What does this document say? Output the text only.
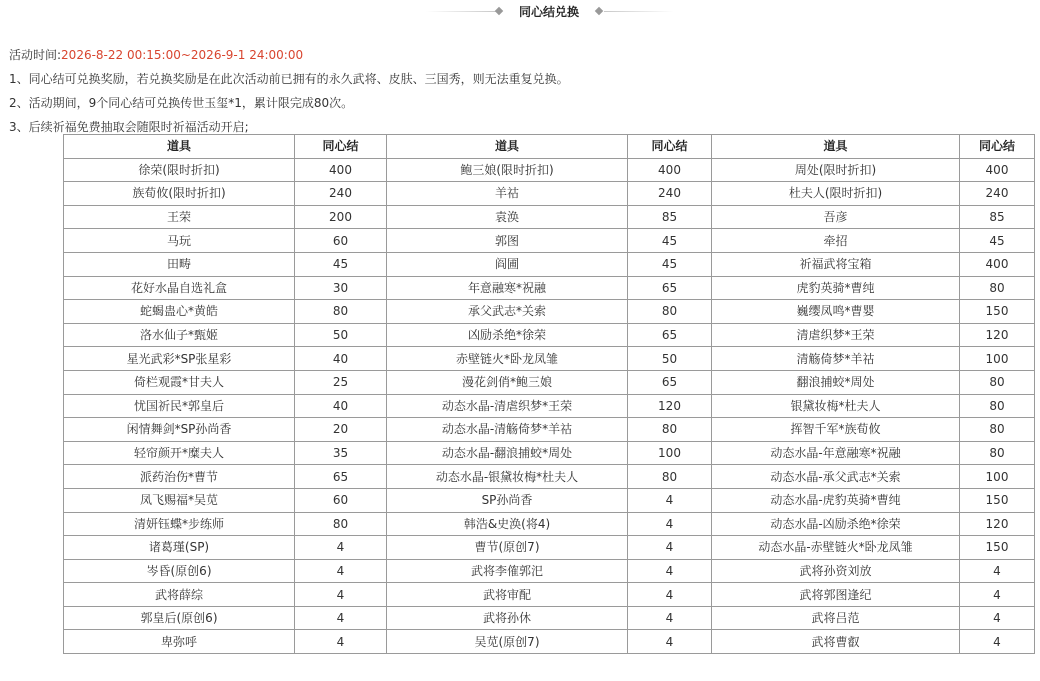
同心结兑换
活动时间:2026-8-22 00:15:00~2026-9-1 24:00:00
1、同心结可兑换奖励，若兑换奖励是在此次活动前已拥有的永久武将、皮肤、三国秀，则无法重复兑换。
2、活动期间，9个同心结可兑换传世玉玺*1，累计限完成80次。
3、后续祈福免费抽取会随限时祈福活动开启;
道具	同心结	道具	同心结	道具	同心结
徐荣(限时折扣)	400	鲍三娘(限时折扣)	400	周处(限时折扣)	400
族荀攸(限时折扣)	240	羊祜	240	杜夫人(限时折扣)	240
王荣	200	袁涣	85	吾彦	85
马玩	60	郭图	45	牵招	45
田畴	45	阎圃	45	祈福武将宝箱	400
花好水晶自选礼盒	30	年意融寒*祝融	65	虎豹英骑*曹纯	80
蛇蝎蛊心*黄皓	80	承父武志*关索	80	巍缨凤鸣*曹婴	150
洛水仙子*甄姬	50	凶励杀绝*徐荣	65	清虐织梦*王荣	120
星光武彩*SP张星彩	40	赤壁链火*卧龙凤雏	50	清觞倚梦*羊祜	100
倚栏观霞*甘夫人	25	漫花剑俏*鲍三娘	65	翻浪捕蛟*周处	80
忧国祈民*郭皇后	40	动态水晶-清虐织梦*王荣	120	银黛妆梅*杜夫人	80
闲情舞剑*SP孙尚香	20	动态水晶-清觞倚梦*羊祜	80	挥智千军*族荀攸	80
轻帘颜开*糜夫人	35	动态水晶-翻浪捕蛟*周处	100	动态水晶-年意融寒*祝融	80
派药治伤*曹节	65	动态水晶-银黛妆梅*杜夫人	80	动态水晶-承父武志*关索	100
凤飞赐福*吴苋	60	SP孙尚香	4	动态水晶-虎豹英骑*曹纯	150
清妍钰蝶*步练师	80	韩浩&史涣(将4)	4	动态水晶-凶励杀绝*徐荣	120
诸葛瑾(SP)	4	曹节(原创7)	4	动态水晶-赤壁链火*卧龙凤雏	150
岑昏(原创6)	4	武将李傕郭汜	4	武将孙资刘放	4
武将薛综	4	武将审配	4	武将郭图逢纪	4
郭皇后(原创6)	4	武将孙休	4	武将吕范	4
卑弥呼	4	吴苋(原创7)	4	武将曹叡	4
